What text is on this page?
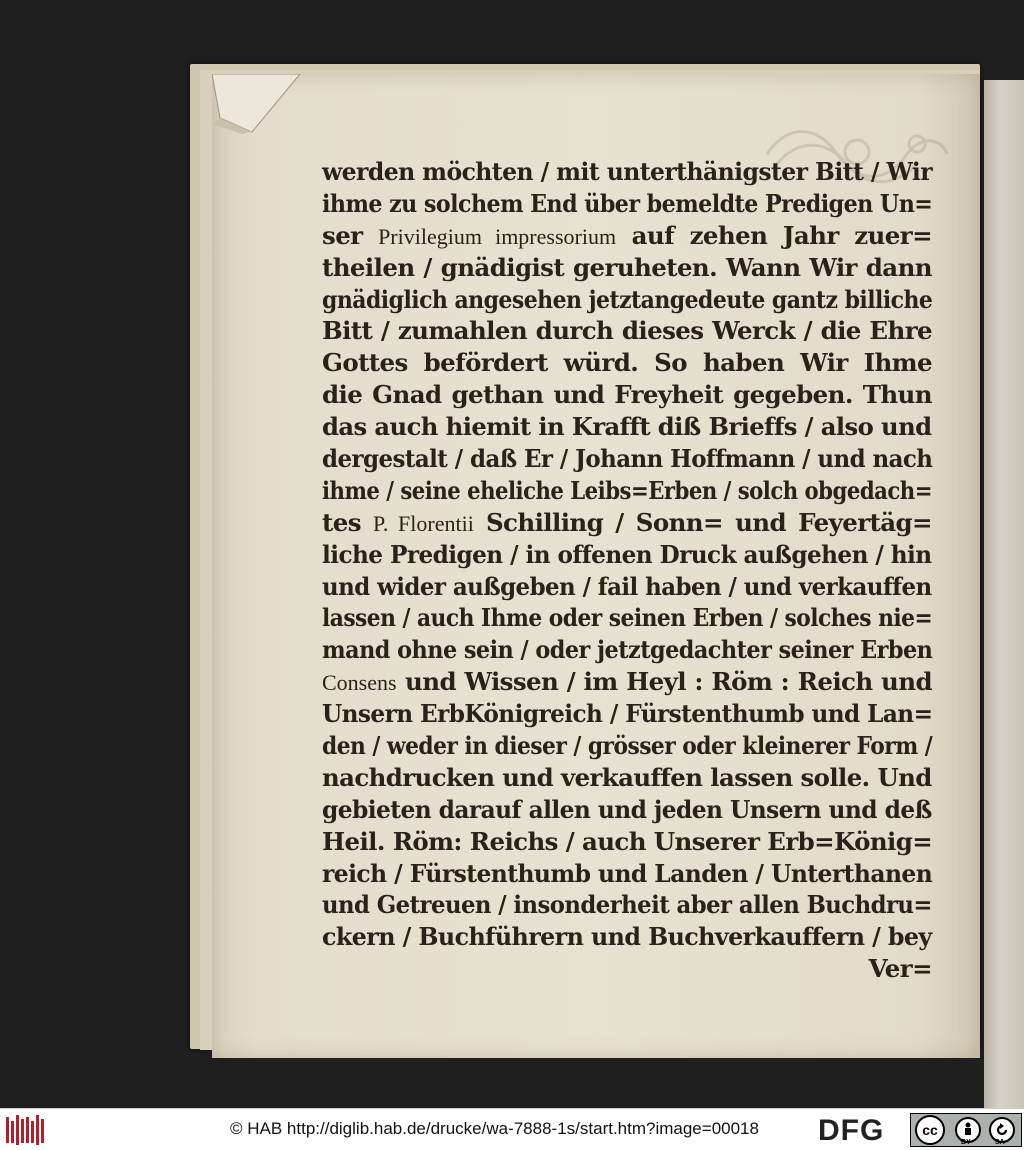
werden möchten / mit unterthänigster Bitt / Wir
ihme zu solchem End über bemeldte Predigen Un=
ser Privilegium impressorium auf zehen Jahr zuer=
theilen / gnädigist geruheten. Wann Wir dann
gnädiglich angesehen jetztangedeute gantz billiche
Bitt / zumahlen durch dieses Werck / die Ehre
Gottes befördert würd. So haben Wir Ihme
die Gnad gethan und Freyheit gegeben. Thun
das auch hiemit in Krafft diß Brieffs / also und
dergestalt / daß Er / Johann Hoffmann / und nach
ihme / seine eheliche Leibs=Erben / solch obgedach=
tes P. Florentii Schilling / Sonn= und Feyertäg=
liche Predigen / in offenen Druck außgehen / hin
und wider außgeben / fail haben / und verkauffen
lassen / auch Ihme oder seinen Erben / solches nie=
mand ohne sein / oder jetztgedachter seiner Erben
Consens und Wissen / im Heyl : Röm : Reich und
Unsern ErbKönigreich / Fürstenthumb und Lan=
den / weder in dieser / grösser oder kleinerer Form /
nachdrucken und verkauffen lassen solle. Und
gebieten darauf allen und jeden Unsern und deß
Heil. Röm: Reichs / auch Unserer Erb=König=
reich / Fürstenthumb und Landen / Unterthanen
und Getreuen / insonderheit aber allen Buchdru=
ckern / Buchführern und Buchverkauffern / bey
Ver=
© HAB http://diglib.hab.de/drucke/wa-7888-1s/start.htm?image=00018 DFG	cc
BY	SA
